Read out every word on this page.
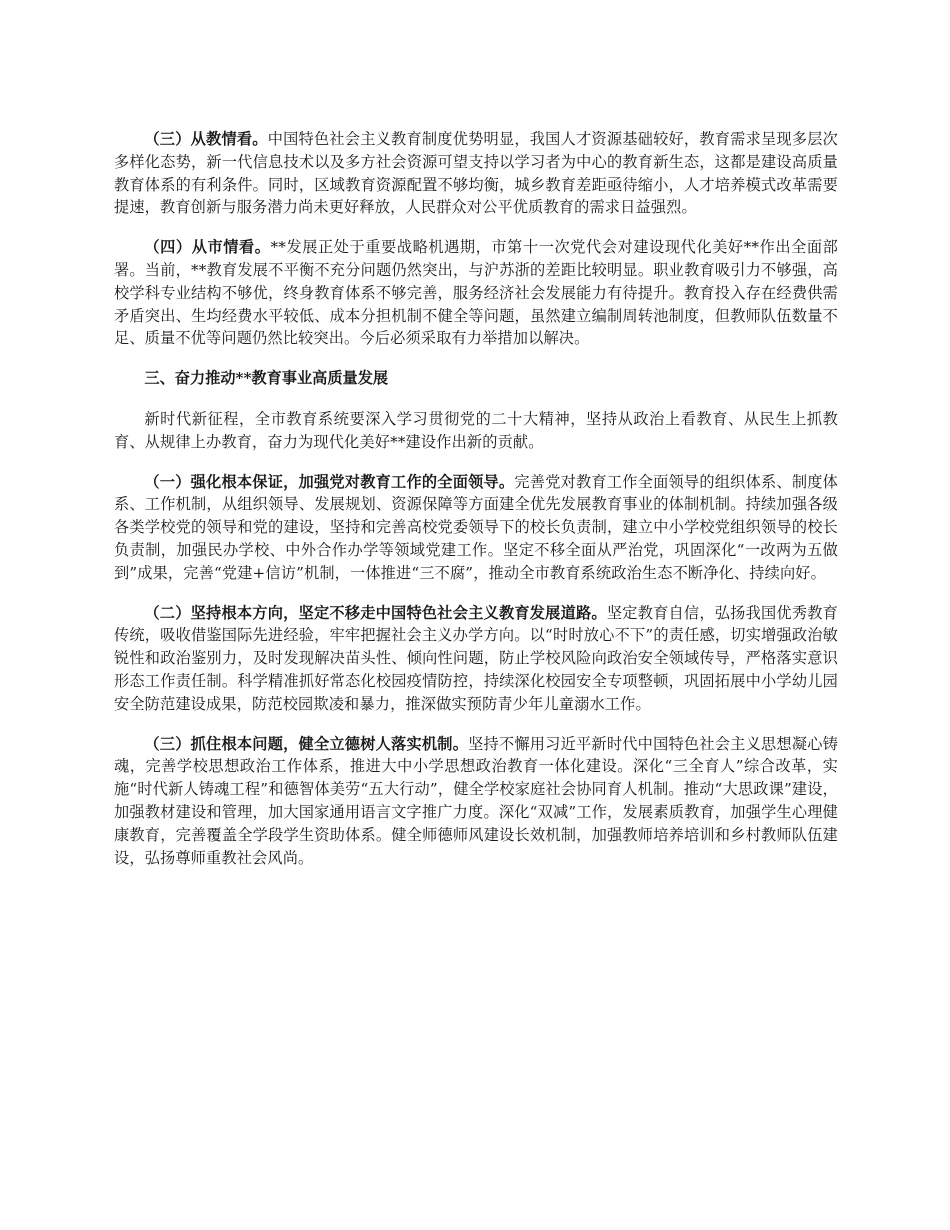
（三）从教情看。中国特色社会主义教育制度优势明显，我国人才资源基础较好，教育需求呈现多层次多样化态势，新一代信息技术以及多方社会资源可望支持以学习者为中心的教育新生态，这都是建设高质量教育体系的有利条件。同时，区域教育资源配置不够均衡，城乡教育差距亟待缩小，人才培养模式改革需要提速，教育创新与服务潜力尚未更好释放，人民群众对公平优质教育的需求日益强烈。

（四）从市情看。**发展正处于重要战略机遇期，市第十一次党代会对建设现代化美好**作出全面部署。当前，**教育发展不平衡不充分问题仍然突出，与沪苏浙的差距比较明显。职业教育吸引力不够强，高校学科专业结构不够优，终身教育体系不够完善，服务经济社会发展能力有待提升。教育投入存在经费供需矛盾突出、生均经费水平较低、成本分担机制不健全等问题，虽然建立编制周转池制度，但教师队伍数量不足、质量不优等问题仍然比较突出。今后必须采取有力举措加以解决。

三、奋力推动**教育事业高质量发展

新时代新征程，全市教育系统要深入学习贯彻党的二十大精神，坚持从政治上看教育、从民生上抓教育、从规律上办教育，奋力为现代化美好**建设作出新的贡献。

（一）强化根本保证，加强党对教育工作的全面领导。完善党对教育工作全面领导的组织体系、制度体系、工作机制，从组织领导、发展规划、资源保障等方面建全优先发展教育事业的体制机制。持续加强各级各类学校党的领导和党的建设，坚持和完善高校党委领导下的校长负责制，建立中小学校党组织领导的校长负责制，加强民办学校、中外合作办学等领域党建工作。坚定不移全面从严治党，巩固深化“一改两为五做到”成果，完善“党建+信访”机制，一体推进“三不腐”，推动全市教育系统政治生态不断净化、持续向好。

（二）坚持根本方向，坚定不移走中国特色社会主义教育发展道路。坚定教育自信，弘扬我国优秀教育传统，吸收借鉴国际先进经验，牢牢把握社会主义办学方向。以“时时放心不下”的责任感，切实增强政治敏锐性和政治鉴别力，及时发现解决苗头性、倾向性问题，防止学校风险向政治安全领域传导，严格落实意识形态工作责任制。科学精准抓好常态化校园疫情防控，持续深化校园安全专项整顿，巩固拓展中小学幼儿园安全防范建设成果，防范校园欺凌和暴力，推深做实预防青少年儿童溺水工作。

（三）抓住根本问题，健全立德树人落实机制。坚持不懈用习近平新时代中国特色社会主义思想凝心铸魂，完善学校思想政治工作体系，推进大中小学思想政治教育一体化建设。深化“三全育人”综合改革，实施“时代新人铸魂工程”和德智体美劳“五大行动”，健全学校家庭社会协同育人机制。推动“大思政课”建设，加强教材建设和管理，加大国家通用语言文字推广力度。深化“双减”工作，发展素质教育，加强学生心理健康教育，完善覆盖全学段学生资助体系。健全师德师风建设长效机制，加强教师培养培训和乡村教师队伍建设，弘扬尊师重教社会风尚。
